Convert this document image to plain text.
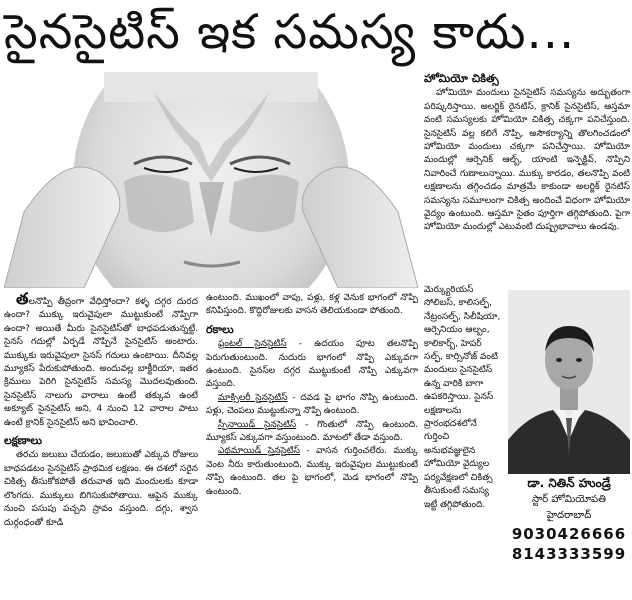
సైనసైటిస్ ఇక సమస్య కాదు...

తలనొప్పి తీవ్రంగా వేధిస్తోందా? కళ్ళ దగ్గర దురద ఉందా? ముక్కు ఇరువైపులా ముట్టుకుంటే నొప్పిగా ఉందా? అయితే మీరు సైనసైటిస్‌తో బాధపడుతున్నట్టే. సైనస్ గదుల్లో ఏర్పడే నొప్పినే సైనసైటిస్ అంటారు. ముక్కుకు ఇరువైపులా సైనస్ గదులు ఉంటాయి. దీనివల్ల మ్యూకస్ పేరుకుపోతుంది. అందువల్ల బాక్టీరియా, ఇతర క్రిములు పెరిగి సైనసైటిస్ సమస్య మొదలవుతుంది. సైనసైటిస్ నాలుగు వారాలు ఉంటే తక్కువ ఉంటే అక్యూట్ సైనసైటిస్ అని, 4 నుంచి 12 వారాల పాటు ఉంటే క్రానిక్ సైనసైటిస్ అని భావించాలి.

లక్షణాలు

తరచు జలుబు చేయడం, జలుబుతో ఎక్కువ రోజులు బాధపడటం సైనసైటిస్ ప్రాథమిక లక్షణం. ఈ దశలో సరైన చికిత్స తీసుకోకపోతే తరువాత ఇది మందులకు కూడా లొంగదు. ముక్కులు బిగిసుకుపోతాయి. ఆపైన ముక్కు నుంచి పసుపు పచ్చని స్రావం వస్తుంది. దగ్గు, శ్వాస దుర్గంధంతో కూడి

ఉంటుంది. ముఖంలో వాపు, పళ్లు, కళ్ల వెనుక భాగంలో నొప్పి కనిపిస్తుంది. కొద్దిరోజులకు వాసన తెలియకుండా పోతుంది.

రకాలు

ఫ్రంటల్ సైనసైటిస్ - ఉదయం పూట తలనొప్పి పెరుగుతుంటుంది. నుదురు భాగంలో నొప్పి ఎక్కువగా ఉంటుంది. సైనస్‌ల దగ్గర ముట్టుకుంటే నొప్పి ఎక్కువగా వస్తుంది.

మాక్సిలరీ సైనసైటిస్ - దవడ పై భాగం నొప్పి ఉంటుంది. పళ్లు, చెంపలు ముట్టుకున్నా నొప్పి ఉంటుంది.

స్పీనాయిడ్ సైనసైటిస్ - గొంతులో నొప్పి ఉంటుంది. మ్యూకస్ ఎక్కువగా వస్తుంటుంది. మాటలో తేడా వస్తుంది.

ఎథమాయిడ్ సైనసైటిస్ - వాసన గుర్తించలేరు. ముక్కు వెంట నీరు కారుతుంటుంది. ముక్కు ఇరువైపుల ముట్టుకుంటే నొప్పి ఉంటుంది. తల పై భాగంలో, మెడ భాగంలో నొప్పి ఉంటుంది.

హోమియో చికిత్స

హోమియో మందులు సైనసైటిస్ సమస్యను అద్భుతంగా పరిష్కరిస్తాయి. అలర్జిక్ రైనటిస్, క్రానిక్ సైనసైటిస్, ఆస్తమా వంటి సమస్యలకు హోమియో చికిత్స చక్కగా పనిచేస్తుంది. సైనసైటిస్ వల్ల కలిగే నొప్పి, అసౌకర్యాన్ని తొలగించడంలో హోమియో మందులు చక్కగా పనిచేస్తాయి. హోమియో మందుల్లో ఆర్సెనిక్ ఆల్బ్, యాంటి ఇన్ఫెక్టివ్, నొప్పిని నివారించే గుణాలున్నాయి. ముక్కు కారడం, తలనొప్పి వంటి లక్షణాలను తగ్గించడం మాత్రమే కాకుండా అలర్జిక్ రైనటిస్ సమస్యను సమూలంగా చికిత్స అందించే విధంగా హోమియో వైద్యం ఉంటుంది. ఆస్తమా సైతం పూర్తిగా తగ్గిపోతుంది. పైగా హోమియో మందుల్లో ఎటువంటి దుష్ప్రభావాలు ఉండవు.

మెర్క్యురియస్ సోలిబస్, కాలిసల్ఫ్, నేట్రంసల్ఫ్, సిలీషియా, ఆర్సెనియం ఆల్బం, కాలికార్బ్, హెపర్ సల్ఫ్, కార్సినోజ్ వంటి మందులు సైనసైటిస్ ఉన్న వారికి బాగా ఉపకరిస్తాయి. సైనస్ లక్షణాలను ప్రారంభదశలోనే గుర్తించి అనుభవజ్ఞులైన హోమియో వైద్యుల పర్యవేక్షణలో చికిత్స తీసుకుంటే సమస్య ఇట్టే తగ్గిపోతుంది.
డా. నితిన్ హుండ్రే
స్టార్ హోమియోపతి
హైదరాబాద్
9030426666
8143333599
